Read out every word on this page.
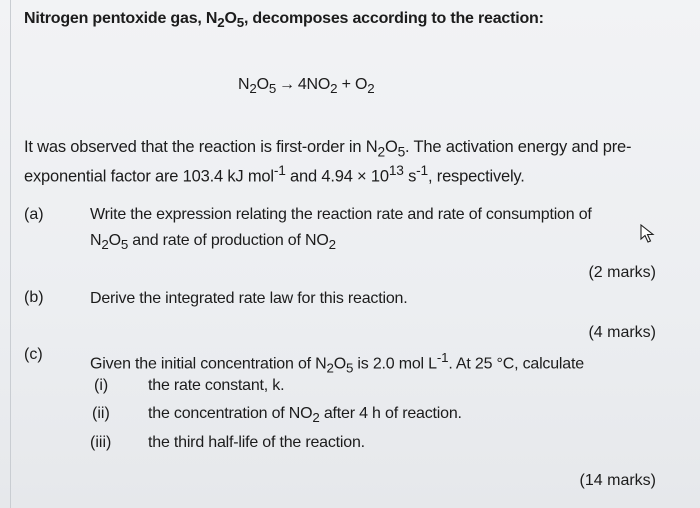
Nitrogen pentoxide gas, $N_2O_5$, decomposes according to the reaction:
$N_2O_5 \to 4NO_2 + O_2$
It was observed that the reaction is first-order in $N_2O_5$. The activation energy and pre-
exponential factor are 103.4 kJ mol$^{-1}$ and $4.94 \times 10^{13}$ $s^{-1}$, respectively.
(a)	Write the expression relating the reaction rate and rate of consumption of
$N_2O_5$ and rate of production of $NO_2$
(2 marks)
(b)	Derive the integrated rate law for this reaction.
(4 marks)
(c)
Given the initial concentration of $N_2O_5$ is 2.0 mol $L^{-1}$. At 25 °C, calculate
(i) the rate constant, k.
(ii) the concentration of $NO_2$ after 4 h of reaction.
(iii) the third half-life of the reaction.
(14 marks)
